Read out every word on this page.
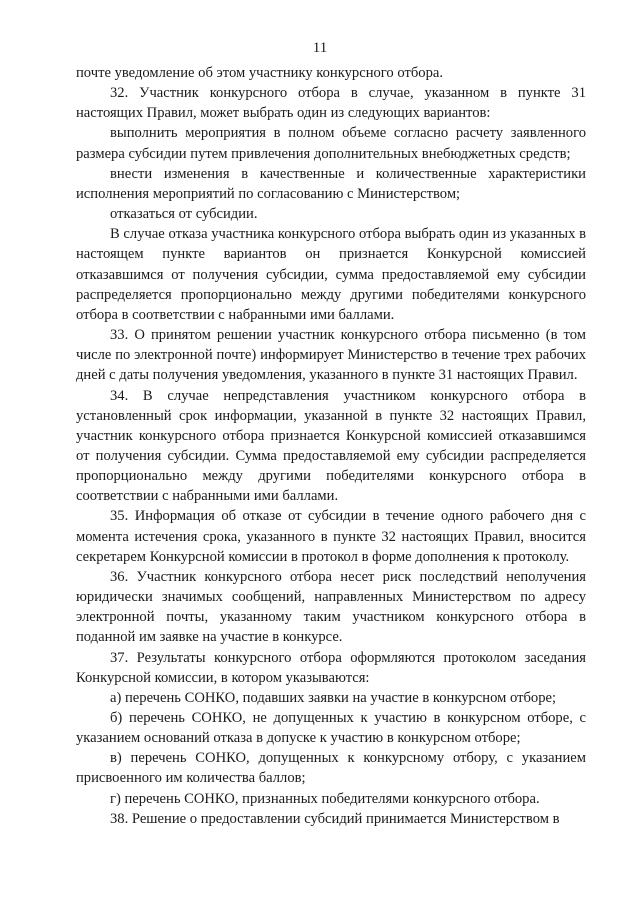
11

почте уведомление об этом участнику конкурсного отбора.

32. Участник конкурсного отбора в случае, указанном в пункте 31 настоящих Правил, может выбрать один из следующих вариантов:

выполнить мероприятия в полном объеме согласно расчету заявленного размера субсидии путем привлечения дополнительных внебюджетных средств;

внести изменения в качественные и количественные характеристики исполнения мероприятий по согласованию с Министерством;

отказаться от субсидии.

В случае отказа участника конкурсного отбора выбрать один из указанных в настоящем пункте вариантов он признается Конкурсной комиссией отказавшимся от получения субсидии, сумма предоставляемой ему субсидии распределяется пропорционально между другими победителями конкурсного отбора в соответствии с набранными ими баллами.

33. О принятом решении участник конкурсного отбора письменно (в том числе по электронной почте) информирует Министерство в течение трех рабочих дней с даты получения уведомления, указанного в пункте 31 настоящих Правил.

34. В случае непредставления участником конкурсного отбора в установленный срок информации, указанной в пункте 32 настоящих Правил, участник конкурсного отбора признается Конкурсной комиссией отказавшимся от получения субсидии. Сумма предоставляемой ему субсидии распределяется пропорционально между другими победителями конкурсного отбора в соответствии с набранными ими баллами.

35. Информация об отказе от субсидии в течение одного рабочего дня с момента истечения срока, указанного в пункте 32 настоящих Правил, вносится секретарем Конкурсной комиссии в протокол в форме дополнения к протоколу.

36. Участник конкурсного отбора несет риск последствий неполучения юридически значимых сообщений, направленных Министерством по адресу электронной почты, указанному таким участником конкурсного отбора в поданной им заявке на участие в конкурсе.

37. Результаты конкурсного отбора оформляются протоколом заседания Конкурсной комиссии, в котором указываются:

а) перечень СОНКО, подавших заявки на участие в конкурсном отборе;

б) перечень СОНКО, не допущенных к участию в конкурсном отборе, с указанием оснований отказа в допуске к участию в конкурсном отборе;

в) перечень СОНКО, допущенных к конкурсному отбору, с указанием присвоенного им количества баллов;

г) перечень СОНКО, признанных победителями конкурсного отбора.

38. Решение о предоставлении субсидий принимается Министерством в
